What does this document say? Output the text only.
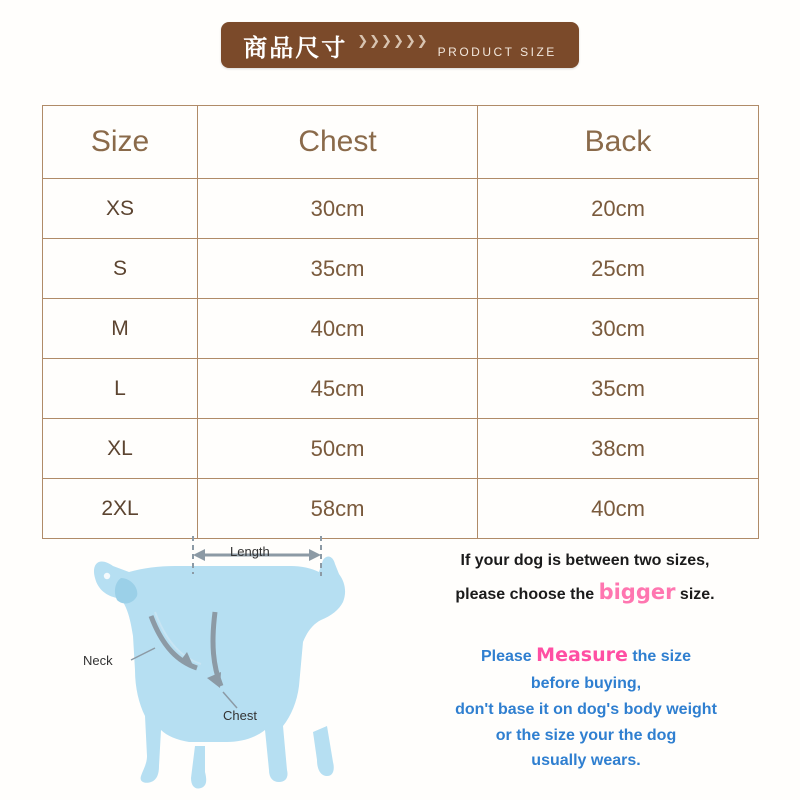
商品尺寸 ❯ ❯ ❯ ❯ ❯ ❯
PRODUCT SIZE
Size	Chest	Back
XS	30cm	20cm
S	35cm	25cm
M	40cm	30cm
L	45cm	35cm
XL	50cm	38cm
2XL	58cm	40cm
Length
Neck
Chest
If your dog is between two sizes,
please choose the bigger size.
Please Measure the size
before buying,
don't base it on dog's body weight
or the size your the dog
usually wears.
